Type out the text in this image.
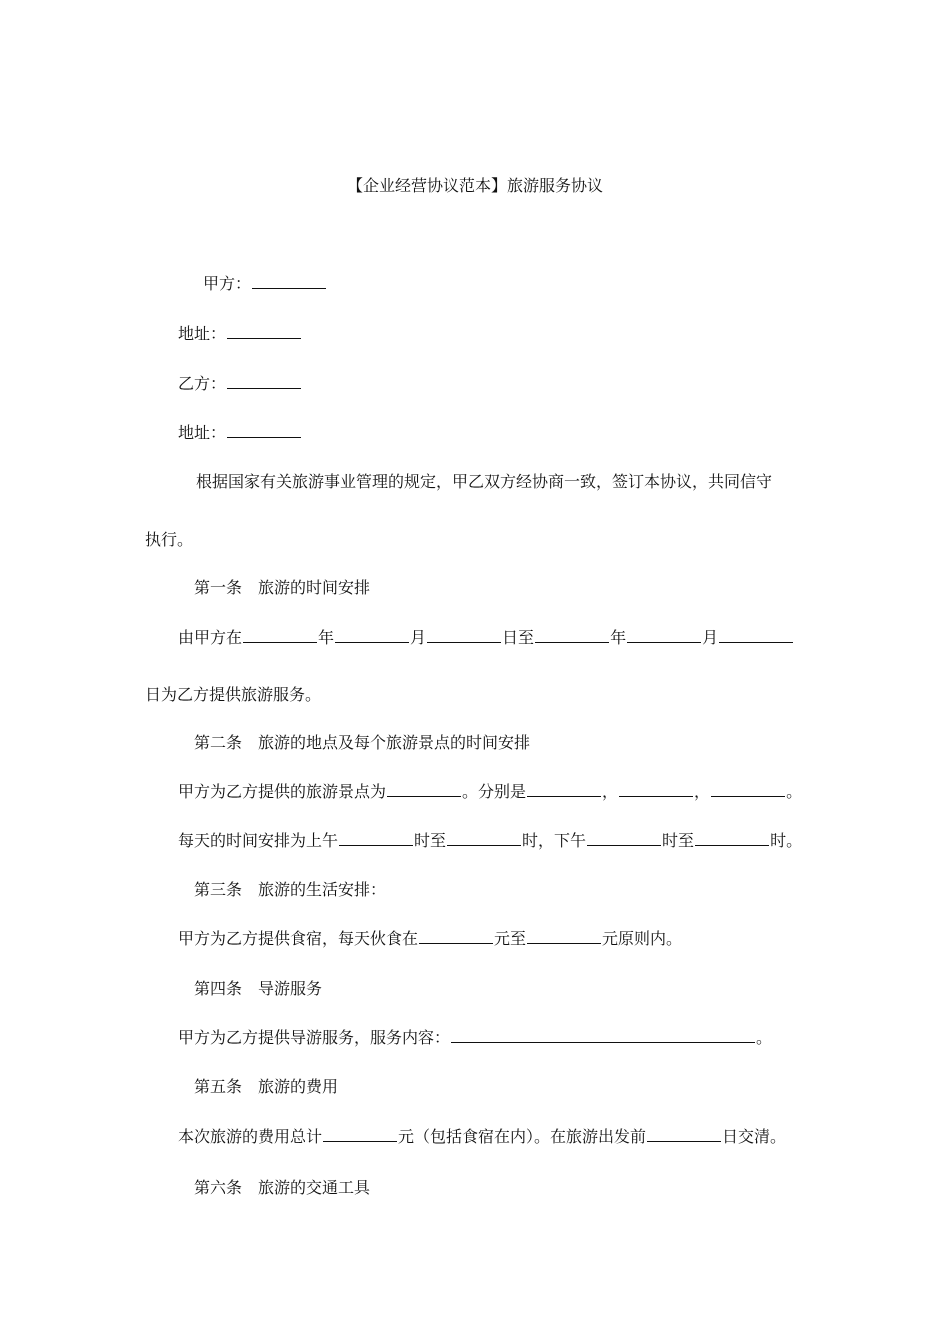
【企业经营协议范本】旅游服务协议
甲方：
地址：
乙方：
地址：
根据国家有关旅游事业管理的规定，甲乙双方经协商一致，签订本协议，共同信守
执行。
第一条　旅游的时间安排
由甲方在	年	月	日至	年	月
日为乙方提供旅游服务。
第二条　旅游的地点及每个旅游景点的时间安排
甲方为乙方提供的旅游景点为	。分别是	，	，	。
每天的时间安排为上午	时至	时，下午	时至	时。
第三条　旅游的生活安排：
甲方为乙方提供食宿，每天伙食在	元至	元原则内。
第四条　导游服务
甲方为乙方提供导游服务，服务内容：	。
第五条　旅游的费用
本次旅游的费用总计	元（包括食宿在内）。在旅游出发前	日交清。
第六条　旅游的交通工具
